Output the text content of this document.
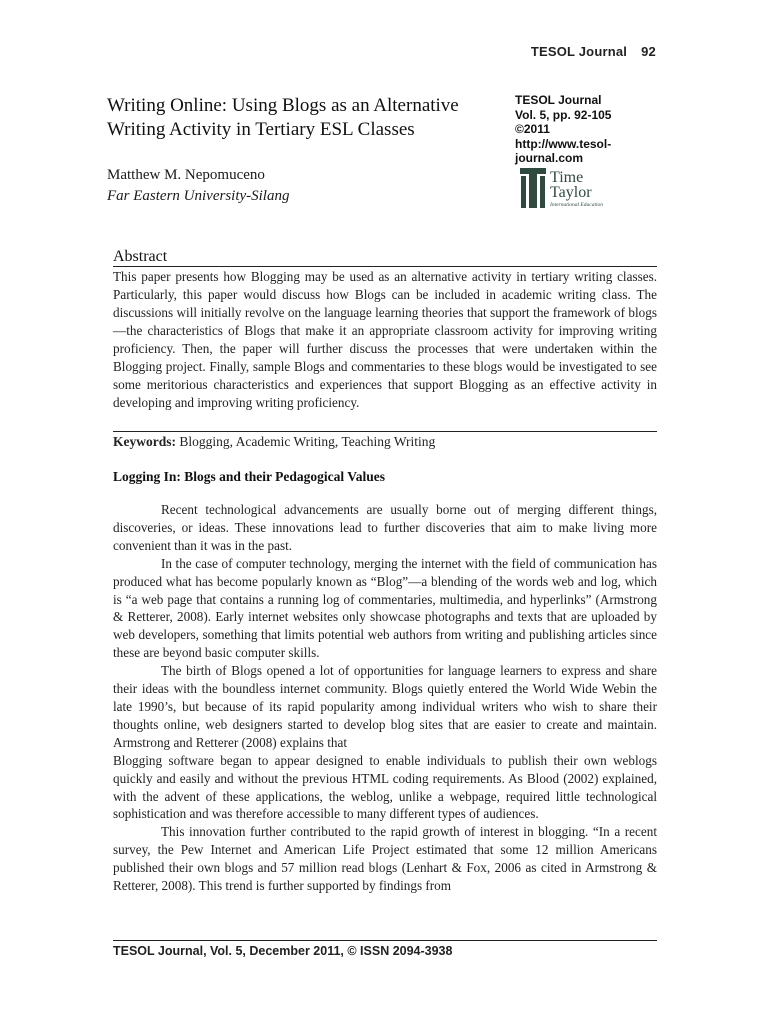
TESOL Journal 92
Writing Online: Using Blogs as an Alternative Writing Activity in Tertiary ESL Classes
Matthew M. Nepomuceno
Far Eastern University-Silang
TESOL Journal
Vol. 5, pp. 92-105
©2011
http://www.tesol-
journal.com
Time
Taylor
International Education
Abstract
This paper presents how Blogging may be used as an alternative activity in tertiary writing classes. Particularly, this paper would discuss how Blogs can be included in academic writing class. The discussions will initially revolve on the language learning theories that support the framework of blogs—the characteristics of Blogs that make it an appropriate classroom activity for improving writing proficiency. Then, the paper will further discuss the processes that were undertaken within the Blogging project. Finally, sample Blogs and commentaries to these blogs would be investigated to see some meritorious characteristics and experiences that support Blogging as an effective activity in developing and improving writing proficiency.
Keywords: Blogging, Academic Writing, Teaching Writing
Logging In: Blogs and their Pedagogical Values

Recent technological advancements are usually borne out of merging different things, discoveries, or ideas. These innovations lead to further discoveries that aim to make living more convenient than it was in the past.

In the case of computer technology, merging the internet with the field of communication has produced what has become popularly known as “Blog”—a blending of the words web and log, which is “a web page that contains a running log of commentaries, multimedia, and hyperlinks” (Armstrong & Retterer, 2008). Early internet websites only showcase photographs and texts that are uploaded by web developers, something that limits potential web authors from writing and publishing articles since these are beyond basic computer skills.

The birth of Blogs opened a lot of opportunities for language learners to express and share their ideas with the boundless internet community. Blogs quietly entered the World Wide Webin the late 1990’s, but because of its rapid popularity among individual writers who wish to share their thoughts online, web designers started to develop blog sites that are easier to create and maintain. Armstrong and Retterer (2008) explains that

Blogging software began to appear designed to enable individuals to publish their own weblogs quickly and easily and without the previous HTML coding requirements. As Blood (2002) explained, with the advent of these applications, the weblog, unlike a webpage, required little technological sophistication and was therefore accessible to many different types of audiences.

This innovation further contributed to the rapid growth of interest in blogging. “In a recent survey, the Pew Internet and American Life Project estimated that some 12 million Americans published their own blogs and 57 million read blogs (Lenhart & Fox, 2006 as cited in Armstrong & Retterer, 2008). This trend is further supported by findings from

TESOL Journal, Vol. 5, December 2011, © ISSN 2094-3938
